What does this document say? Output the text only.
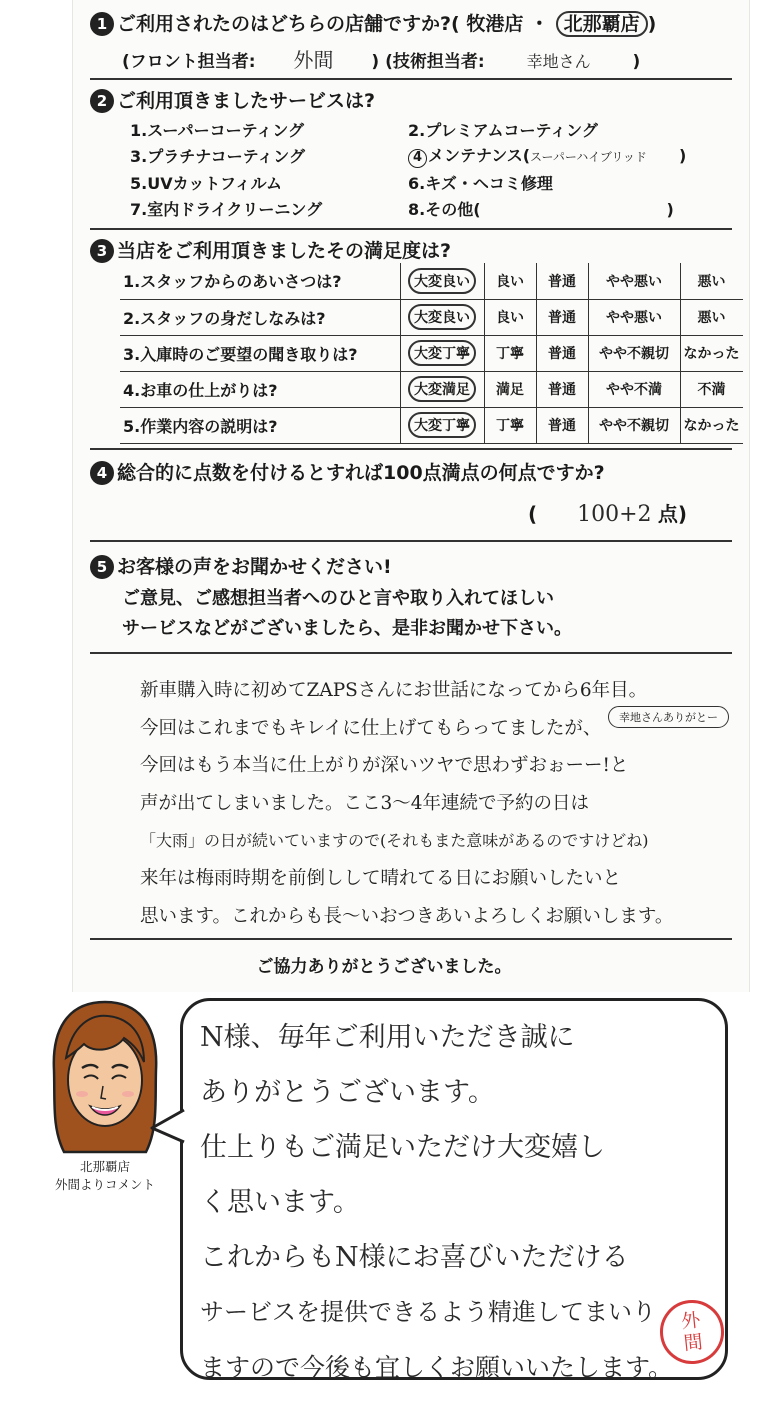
1 ご利用されたのはどちらの店舗ですか?( 牧港店 ・ 北那覇店 )
(フロント担当者: 外間 ) (技術担当者:	幸地さん )
2 ご利用頂きましたサービスは?
1.スーパーコーティング	2.プレミアムコーティング
3.プラチナコーティング	4 メンテナンス(スーパーハイブリッド )
5.UVカットフィルム	6.キズ・ヘコミ修理
7.室内ドライクリーニング	8.その他(	)
3 当店をご利用頂きましたその満足度は?
1.スタッフからのあいさつは?	大変良い	良い	普通	やや悪い	悪い
2.スタッフの身だしなみは?	大変良い	良い	普通	やや悪い	悪い
3.入庫時のご要望の聞き取りは?	大変丁寧	丁寧	普通	やや不親切	なかった
4.お車の仕上がりは?	大変満足	満足	普通	やや不満	不満
5.作業内容の説明は?	大変丁寧	丁寧	普通	やや不親切	なかった
4 総合的に点数を付けるとすれば100点満点の何点ですか?
( 100+2 点)
5 お客様の声をお聞かせください!
ご意見、ご感想担当者へのひと言や取り入れてほしい
サービスなどがございましたら、是非お聞かせ下さい。
新車購入時に初めてZAPSさんにお世話になってから6年目。
今回はこれまでもキレイに仕上げてもらってましたが、
今回はもう本当に仕上がりが深いツヤで思わずおぉーー!と
声が出てしまいました。ここ3〜4年連続で予約の日は
「大雨」の日が続いていますので(それもまた意味があるのですけどね)
来年は梅雨時期を前倒しして晴れてる日にお願いしたいと
思います。これからも長〜いおつきあいよろしくお願いします。
幸地さんありがとー
ご協力ありがとうございました。
北那覇店
外間よりコメント
N様、毎年ご利用いただき誠に
ありがとうございます。
仕上りもご満足いただけ大変嬉し
く思います。
これからもN様にお喜びいただける
サービスを提供できるよう精進してまいり
ますので今後も宜しくお願いいたします。
外
間
